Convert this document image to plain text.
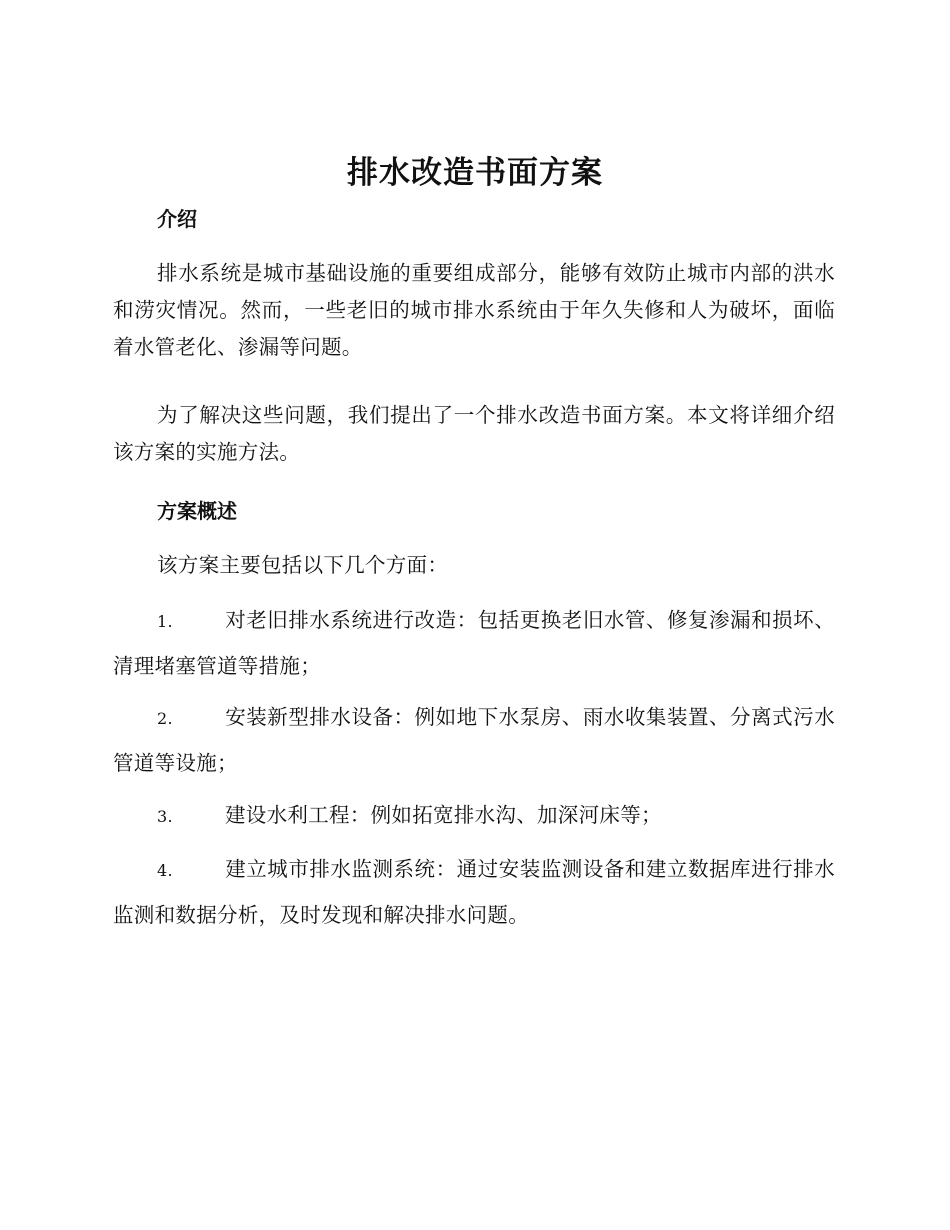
排水改造书面方案
介绍
排水系统是城市基础设施的重要组成部分，能够有效防止城市内部的洪水和涝灾情况。然而，一些老旧的城市排水系统由于年久失修和人为破坏，面临着水管老化、渗漏等问题。
为了解决这些问题，我们提出了一个排水改造书面方案。本文将详细介绍该方案的实施方法。
方案概述
该方案主要包括以下几个方面：
1.	对老旧排水系统进行改造：包括更换老旧水管、修复渗漏和损坏、清理堵塞管道等措施；
2.	安装新型排水设备：例如地下水泵房、雨水收集装置、分离式污水管道等设施；
3.	建设水利工程：例如拓宽排水沟、加深河床等；
4.	建立城市排水监测系统：通过安装监测设备和建立数据库进行排水监测和数据分析，及时发现和解决排水问题。
